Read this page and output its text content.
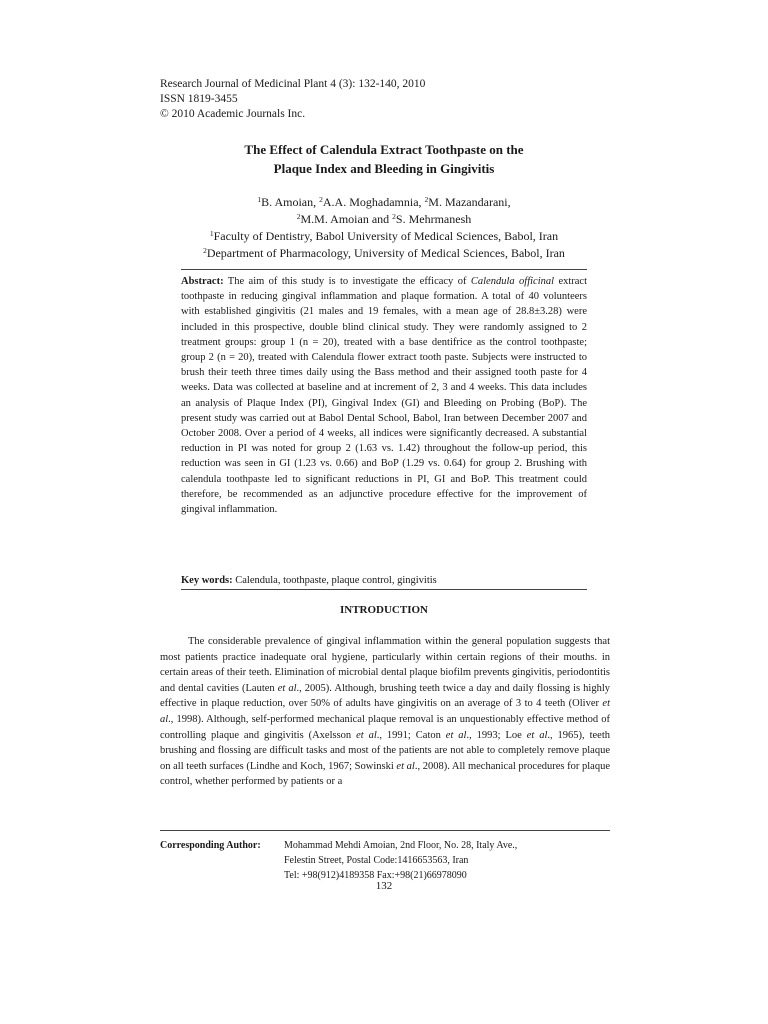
Research Journal of Medicinal Plant 4 (3): 132-140, 2010
ISSN 1819-3455
© 2010 Academic Journals Inc.
The Effect of Calendula Extract Toothpaste on the
Plaque Index and Bleeding in Gingivitis
$^1$B. Amoian, $^2$A.A. Moghadamnia, $^2$M. Mazandarani,
$^2$M.M. Amoian and $^2$S. Mehrmanesh
$^1$Faculty of Dentistry, Babol University of Medical Sciences, Babol, Iran
$^2$Department of Pharmacology, University of Medical Sciences, Babol, Iran
Abstract: The aim of this study is to investigate the efficacy of Calendula officinal extract toothpaste in reducing gingival inflammation and plaque formation. A total of 40 volunteers with established gingivitis (21 males and 19 females, with a mean age of 28.8±3.28) were included in this prospective, double blind clinical study. They were randomly assigned to 2 treatment groups: group 1 (n = 20), treated with a base dentifrice as the control toothpaste; group 2 (n = 20), treated with Calendula flower extract tooth paste. Subjects were instructed to brush their teeth three times daily using the Bass method and their assigned tooth paste for 4 weeks. Data was collected at baseline and at increment of 2, 3 and 4 weeks. This data includes an analysis of Plaque Index (PI), Gingival Index (GI) and Bleeding on Probing (BoP). The present study was carried out at Babol Dental School, Babol, Iran between December 2007 and October 2008. Over a period of 4 weeks, all indices were significantly decreased. A substantial reduction in PI was noted for group 2 (1.63 vs. 1.42) throughout the follow-up period, this reduction was seen in GI (1.23 vs. 0.66) and BoP (1.29 vs. 0.64) for group 2. Brushing with calendula toothpaste led to significant reductions in PI, GI and BoP. This treatment could therefore, be recommended as an adjunctive procedure effective for the improvement of gingival inflammation.
Key words: Calendula, toothpaste, plaque control, gingivitis
INTRODUCTION
The considerable prevalence of gingival inflammation within the general population suggests that most patients practice inadequate oral hygiene, particularly within certain regions of their mouths. in certain areas of their teeth. Elimination of microbial dental plaque biofilm prevents gingivitis, periodontitis and dental cavities (Lauten et al., 2005). Although, brushing teeth twice a day and daily flossing is highly effective in plaque reduction, over 50% of adults have gingivitis on an average of 3 to 4 teeth (Oliver et al., 1998). Although, self-performed mechanical plaque removal is an unquestionably effective method of controlling plaque and gingivitis (Axelsson et al., 1991; Caton et al., 1993; Loe et al., 1965), teeth brushing and flossing are difficult tasks and most of the patients are not able to completely remove plaque on all teeth surfaces (Lindhe and Koch, 1967; Sowinski et al., 2008). All mechanical procedures for plaque control, whether performed by patients or a
Corresponding Author: Mohammad Mehdi Amoian, 2nd Floor, No. 28, Italy Ave.,
Felestin Street, Postal Code:1416653563, Iran
Tel: +98(912)4189358 Fax:+98(21)66978090
132
